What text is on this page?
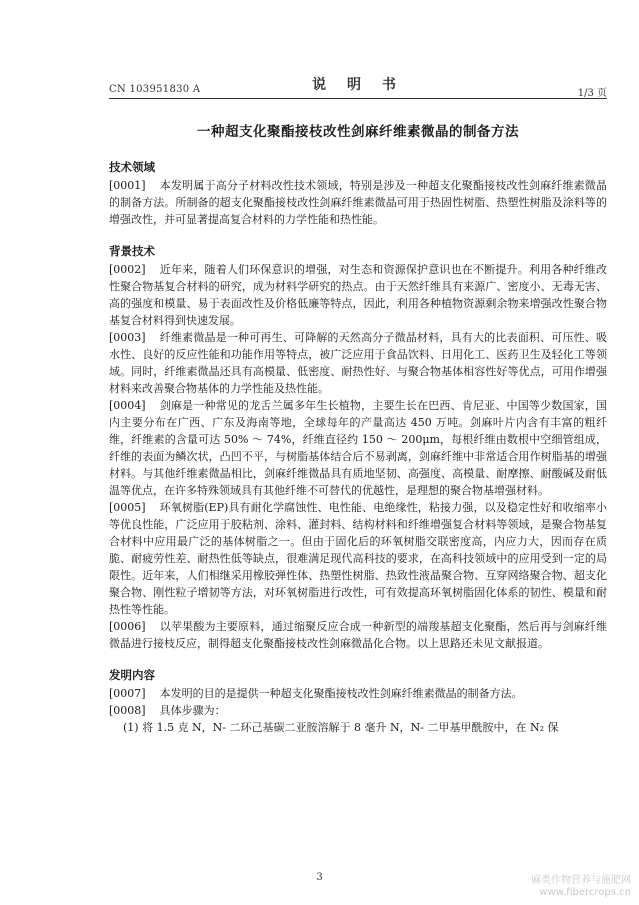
CN 103951830 A	说 明 书
1/3 页
一种超支化聚酯接枝改性剑麻纤维素微晶的制备方法
技术领域

[0001] 本发明属于高分子材料改性技术领域，特别是涉及一种超支化聚酯接枝改性剑麻纤维素微晶的制备方法。所制备的超支化聚酯接枝改性剑麻纤维素微晶可用于热固性树脂、热塑性树脂及涂料等的增强改性，并可显著提高复合材料的力学性能和热性能。

背景技术

[0002] 近年来，随着人们环保意识的增强，对生态和资源保护意识也在不断提升。利用各种纤维改性聚合物基复合材料的研究，成为材料学研究的热点。由于天然纤维具有来源广、密度小、无毒无害、高的强度和模量、易于表面改性及价格低廉等特点，因此，利用各种植物资源剩余物来增强改性聚合物基复合材料得到快速发展。

[0003] 纤维素微晶是一种可再生、可降解的天然高分子微晶材料，具有大的比表面积、可压性、吸水性、良好的反应性能和功能作用等特点，被广泛应用于食品饮料、日用化工、医药卫生及轻化工等领域。同时，纤维素微晶还具有高模量、低密度、耐热性好、与聚合物基体相容性好等优点，可用作增强材料来改善聚合物基体的力学性能及热性能。

[0004] 剑麻是一种常见的龙舌兰属多年生长植物，主要生长在巴西、肯尼亚、中国等少数国家，国内主要分布在广西、广东及海南等地，全球每年的产量高达 450 万吨。剑麻叶片内含有丰富的粗纤维，纤维素的含量可达 50% ～ 74%，纤维直径约 150 ～ 200μm，每根纤维由数根中空细管组成，纤维的表面为鳞次状，凸凹不平，与树脂基体结合后不易剥离，剑麻纤维中非常适合用作树脂基的增强材料。与其他纤维素微晶相比，剑麻纤维微晶具有质地坚韧、高强度、高模量、耐摩擦、耐酸碱及耐低温等优点，在许多特殊领域具有其他纤维不可替代的优越性，是理想的聚合物基增强材料。

[0005] 环氧树脂(EP)具有耐化学腐蚀性、电性能、电绝缘性，粘接力强，以及稳定性好和收缩率小等优良性能，广泛应用于胶粘剂、涂料、灌封料、结构材料和纤维增强复合材料等领域，是聚合物基复合材料中应用最广泛的基体树脂之一。但由于固化后的环氧树脂交联密度高，内应力大，因而存在质脆、耐疲劳性差、耐热性低等缺点，很难满足现代高科技的要求，在高科技领域中的应用受到一定的局限性。近年来，人们相继采用橡胶弹性体、热塑性树脂、热致性液晶聚合物、互穿网络聚合物、超支化聚合物、刚性粒子增韧等方法，对环氧树脂进行改性，可有效提高环氧树脂固化体系的韧性、模量和耐热性等性能。

[0006] 以苹果酸为主要原料，通过缩聚反应合成一种新型的端羧基超支化聚酯，然后再与剑麻纤维微晶进行接枝反应，制得超支化聚酯接枝改性剑麻微晶化合物。以上思路还未见文献报道。

发明内容

[0007] 本发明的目的是提供一种超支化聚酯接枝改性剑麻纤维素微晶的制备方法。

[0008] 具体步骤为：

(1) 将 1.5 克 N，N- 二环己基碳二亚胺溶解于 8 毫升 N，N- 二甲基甲酰胺中，在 N₂ 保

3	麻类作物营养与施肥网
www.fibercrops.cn
